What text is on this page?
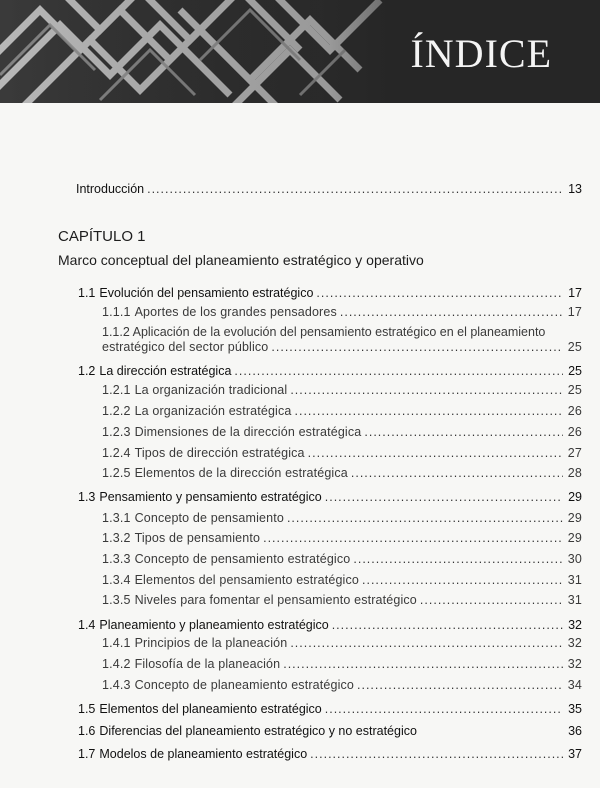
ÍNDICE
Introducción .....	13
CAPÍTULO 1
Marco conceptual del planeamiento estratégico y operativo
1.1 Evolución del pensamiento estratégico .....	17
1.1.1 Aportes de los grandes pensadores .....	17
1.1.2 Aplicación de la evolución del pensamiento estratégico en el planeamiento
estratégico del sector público .....	25
1.2 La dirección estratégica .....	25
1.2.1 La organización tradicional .....	25
1.2.2 La organización estratégica .....	26
1.2.3 Dimensiones de la dirección estratégica .....	26
1.2.4 Tipos de dirección estratégica .....	27
1.2.5 Elementos de la dirección estratégica .....	28
1.3 Pensamiento y pensamiento estratégico .....	29
1.3.1 Concepto de pensamiento .....	29
1.3.2 Tipos de pensamiento .....	29
1.3.3 Concepto de pensamiento estratégico .....	30
1.3.4 Elementos del pensamiento estratégico .....	31
1.3.5 Niveles para fomentar el pensamiento estratégico .....	31
1.4 Planeamiento y planeamiento estratégico .....	32
1.4.1 Principios de la planeación .....	32
1.4.2 Filosofía de la planeación .....	32
1.4.3 Concepto de planeamiento estratégico .....	34
1.5 Elementos del planeamiento estratégico .....	35
1.6 Diferencias del planeamiento estratégico y no estratégico	36
1.7 Modelos de planeamiento estratégico .....	37
